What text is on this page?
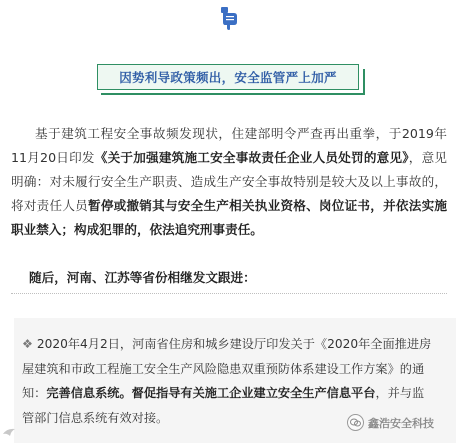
因势利导政策频出，安全监管严上加严

基于建筑工程安全事故频发现状，住建部明令严查再出重拳，于2019年11月20日印发《关于加强建筑施工安全事故责任企业人员处罚的意见》，意见明确：对未履行安全生产职责、造成生产安全事故特别是较大及以上事故的，将对责任人员暂停或撤销其与安全生产相关执业资格、岗位证书，并依法实施职业禁入；构成犯罪的，依法追究刑事责任。

随后，河南、江苏等省份相继发文跟进：

❖ 2020年4月2日，河南省住房和城乡建设厅印发关于《2020年全面推进房屋建筑和市政工程施工安全生产风险隐患双重预防体系建设工作方案》的通知：完善信息系统。督促指导有关施工企业建立安全生产信息平台，并与监管部门信息系统有效对接。	鑫浩安全科技
